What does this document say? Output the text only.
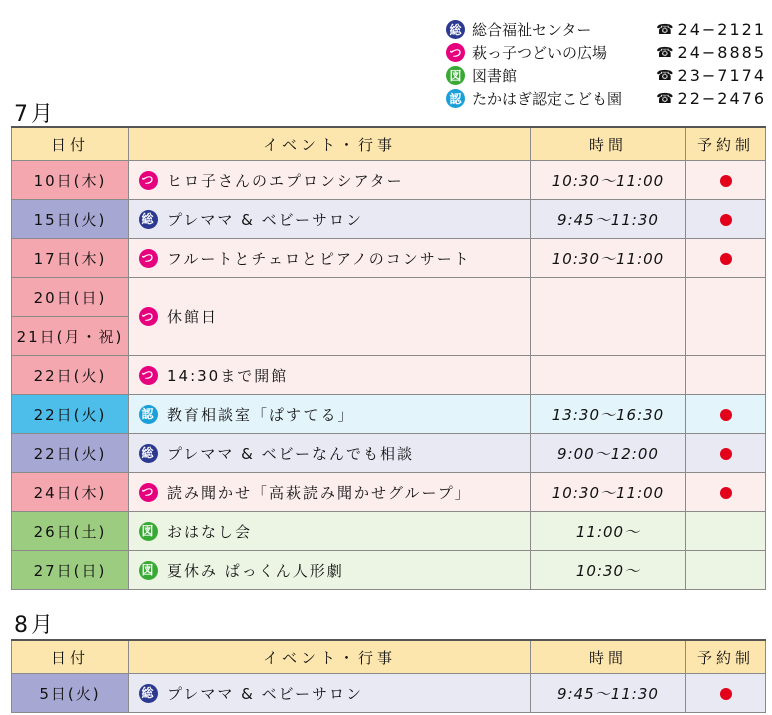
総 総合福祉センター	☎ 24−2121
つ 萩っ子つどいの広場	☎ 24−8885
図 図書館	☎ 23−7174
認 たかはぎ認定こども園	☎ 22−2476
7月
日付	イベント・行事	時間	予約制
10日(木)	つ ヒロ子さんのエプロンシアター	10:30〜11:00	
15日(火)	総 プレママ & ベビーサロン	9:45〜11:30	
17日(木)	つ フルートとチェロとピアノのコンサート	10:30〜11:00	
20日(日)	つ 休館日		

21日(月・祝)			
22日(火)	つ 14:30まで開館		

22日(火)	認 教育相談室「ぱすてる」	13:30〜16:30	
22日(火)	総 プレママ & ベビーなんでも相談	9:00〜12:00	
24日(木)	つ 読み聞かせ「高萩読み聞かせグループ」	10:30〜11:00	
26日(土)	図 おはなし会	11:00〜	
27日(日)	図 夏休み ぱっくん人形劇	10:30〜	
8月
日付	イベント・行事	時間	予約制
5日(火)	総 プレママ & ベビーサロン	9:45〜11:30	
